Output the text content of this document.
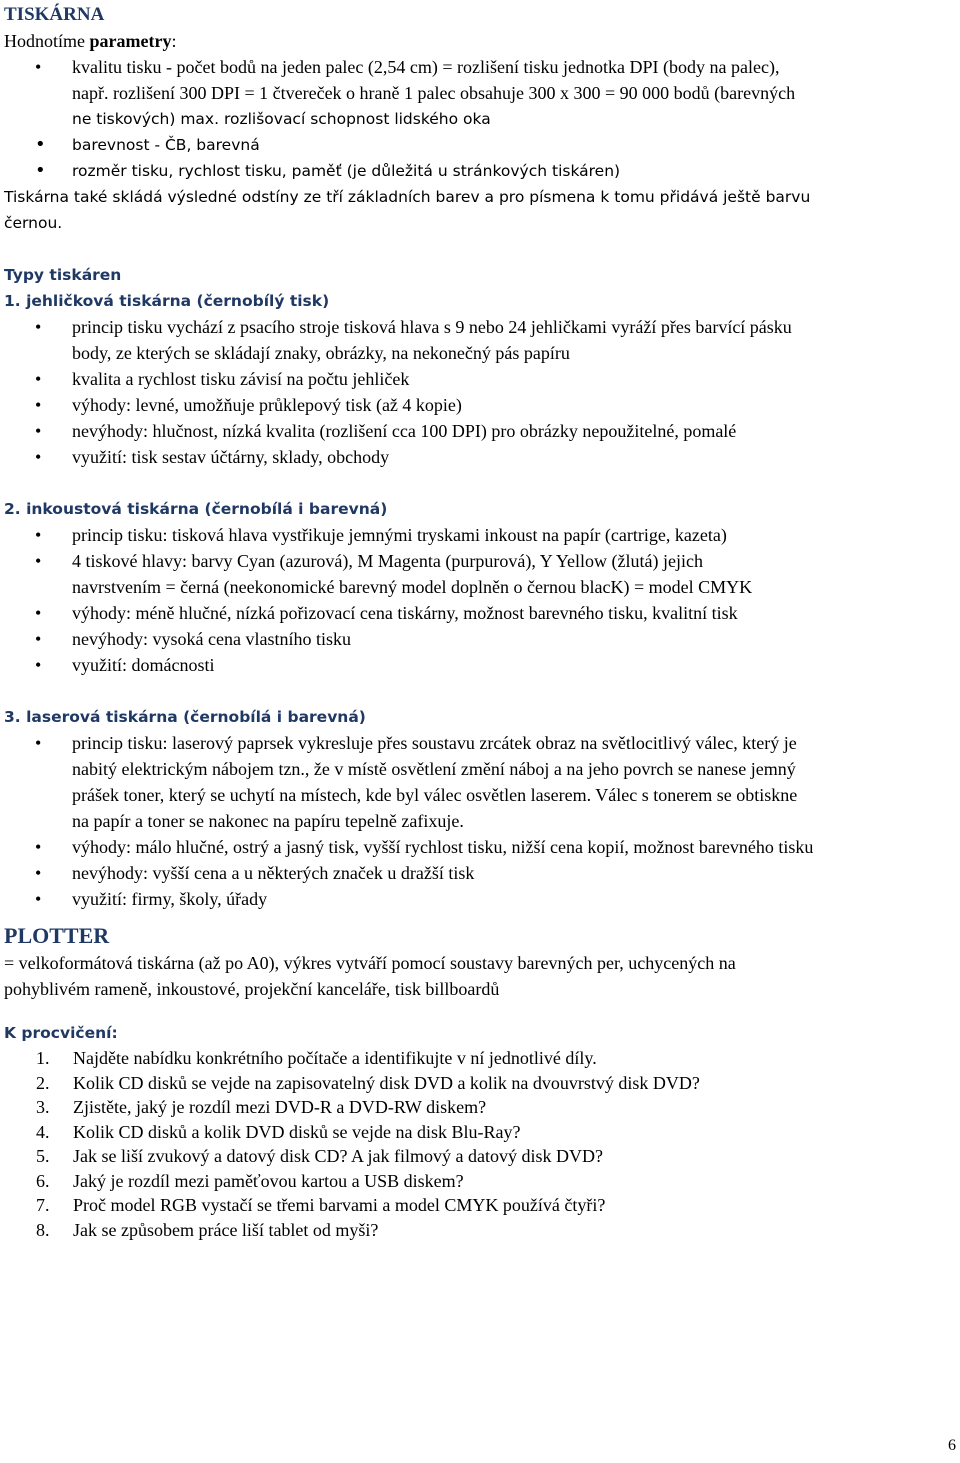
TISKÁRNA

Hodnotíme parametry:

• kvalitu tisku - počet bodů na jeden palec (2,54 cm) = rozlišení tisku jednotka DPI (body na palec),
např. rozlišení 300 DPI = 1 čtvereček o hraně 1 palec obsahuje 300 x 300 = 90 000 bodů (barevných
ne tiskových) max. rozlišovací schopnost lidského oka
• barevnost - ČB, barevná
• rozměr tisku, rychlost tisku, paměť (je důležitá u stránkových tiskáren)

Tiskárna také skládá výsledné odstíny ze tří základních barev a pro písmena k tomu přidává ještě barvu
černou.

Typy tiskáren

1. jehličková tiskárna (černobílý tisk)

• princip tisku vychází z psacího stroje tisková hlava s 9 nebo 24 jehličkami vyráží přes barvící pásku
body, ze kterých se skládají znaky, obrázky, na nekonečný pás papíru
• kvalita a rychlost tisku závisí na počtu jehliček
• výhody: levné, umožňuje průklepový tisk (až 4 kopie)
• nevýhody: hlučnost, nízká kvalita (rozlišení cca 100 DPI) pro obrázky nepoužitelné, pomalé
• využití: tisk sestav účtárny, sklady, obchody

2. inkoustová tiskárna (černobílá i barevná)

• princip tisku: tisková hlava vystřikuje jemnými tryskami inkoust na papír (cartrige, kazeta)
• 4 tiskové hlavy: barvy Cyan (azurová), M Magenta (purpurová), Y Yellow (žlutá) jejich
navrstvením = černá (neekonomické barevný model doplněn o černou blacK) = model CMYK
• výhody: méně hlučné, nízká pořizovací cena tiskárny, možnost barevného tisku, kvalitní tisk
• nevýhody: vysoká cena vlastního tisku
• využití: domácnosti

3. laserová tiskárna (černobílá i barevná)

• princip tisku: laserový paprsek vykresluje přes soustavu zrcátek obraz na světlocitlivý válec, který je
nabitý elektrickým nábojem tzn., že v místě osvětlení změní náboj a na jeho povrch se nanese jemný
prášek toner, který se uchytí na místech, kde byl válec osvětlen laserem. Válec s tonerem se obtiskne
na papír a toner se nakonec na papíru tepelně zafixuje.
• výhody: málo hlučné, ostrý a jasný tisk, vyšší rychlost tisku, nižší cena kopií, možnost barevného tisku
• nevýhody: vyšší cena a u některých značek u dražší tisk
• využití: firmy, školy, úřady

PLOTTER

= velkoformátová tiskárna (až po A0), výkres vytváří pomocí soustavy barevných per, uchycených na
pohyblivém rameně, inkoustové, projekční kanceláře, tisk billboardů

K procvičení:

1. Najděte nabídku konkrétního počítače a identifikujte v ní jednotlivé díly.
2. Kolik CD disků se vejde na zapisovatelný disk DVD a kolik na dvouvrstvý disk DVD?
3. Zjistěte, jaký je rozdíl mezi DVD-R a DVD-RW diskem?
4. Kolik CD disků a kolik DVD disků se vejde na disk Blu-Ray?
5. Jak se liší zvukový a datový disk CD? A jak filmový a datový disk DVD?
6. Jaký je rozdíl mezi paměťovou kartou a USB diskem?
7. Proč model RGB vystačí se třemi barvami a model CMYK používá čtyři?
8. Jak se způsobem práce liší tablet od myši?
6
